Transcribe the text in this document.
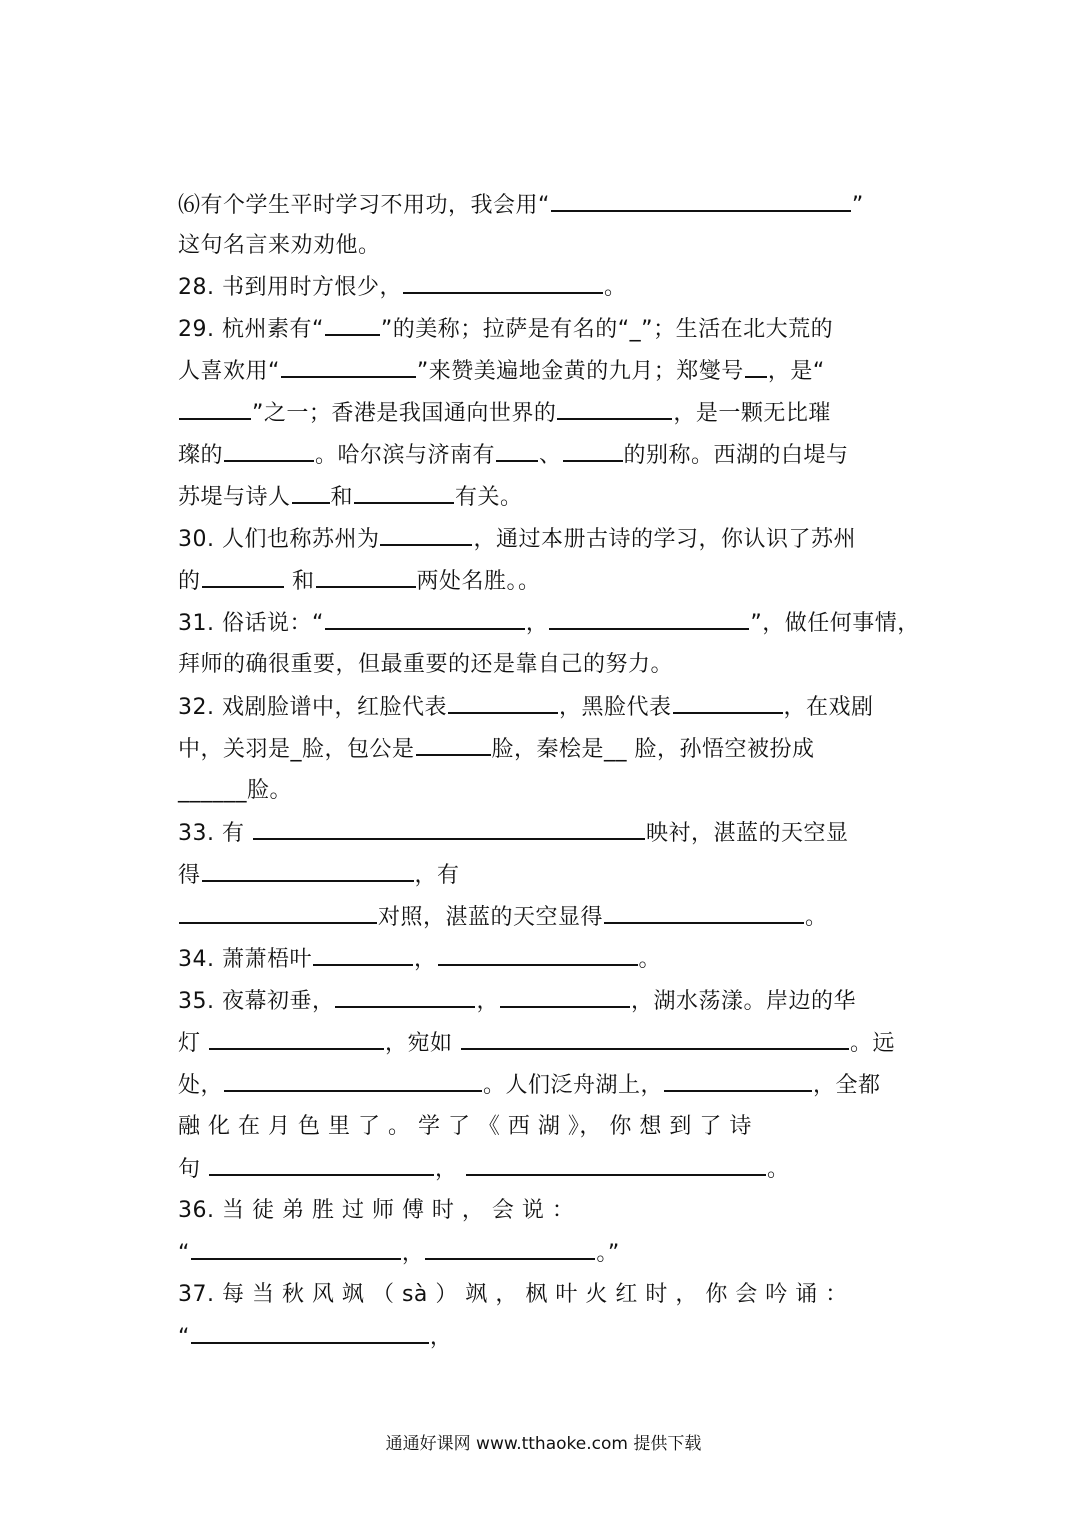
⑹有个学生平时学习不用功，我会用“	”
这句名言来劝劝他。
28. 书到用时方恨少，	。
29. 杭州素有“	”的美称；拉萨是有名的“_”；生活在北大荒的
人喜欢用“	”来赞美遍地金黄的九月；郑燮号 ，是“
”之一；香港是我国通向世界的	，是一颗无比璀
璨的	。哈尔滨与济南有 、	的别称。西湖的白堤与
苏堤与诗人 和	有关。
30. 人们也称苏州为	，通过本册古诗的学习，你认识了苏州
的	和	两处名胜。。
31. 俗话说：“	，	”，做任何事情，
拜师的确很重要，但最重要的还是靠自己的努力。
32. 戏剧脸谱中，红脸代表	，黑脸代表	，在戏剧
中，关羽是_脸，包公是	脸，秦桧是__ 脸，孙悟空被扮成
______脸。
33. 有	映衬，湛蓝的天空显
得	，有
对照，湛蓝的天空显得	。
34. 萧萧梧叶	，	。
35. 夜幕初垂，	，	，湖水荡漾。岸边的华
灯	，宛如	。远
处，	。人们泛舟湖上，	，全都
融 化 在 月 色 里 了 。 学 了 《 西 湖 》， 你 想 到 了 诗
句	，	。
36. 当 徒 弟 胜 过 师 傅 时 ， 会 说 ：
“	，	。”
37. 每 当 秋 风 飒 （ sà ） 飒 ， 枫 叶 火 红 时 ， 你 会 吟 诵 ：
“	，
通通好课网 www.tthaoke.com 提供下载
